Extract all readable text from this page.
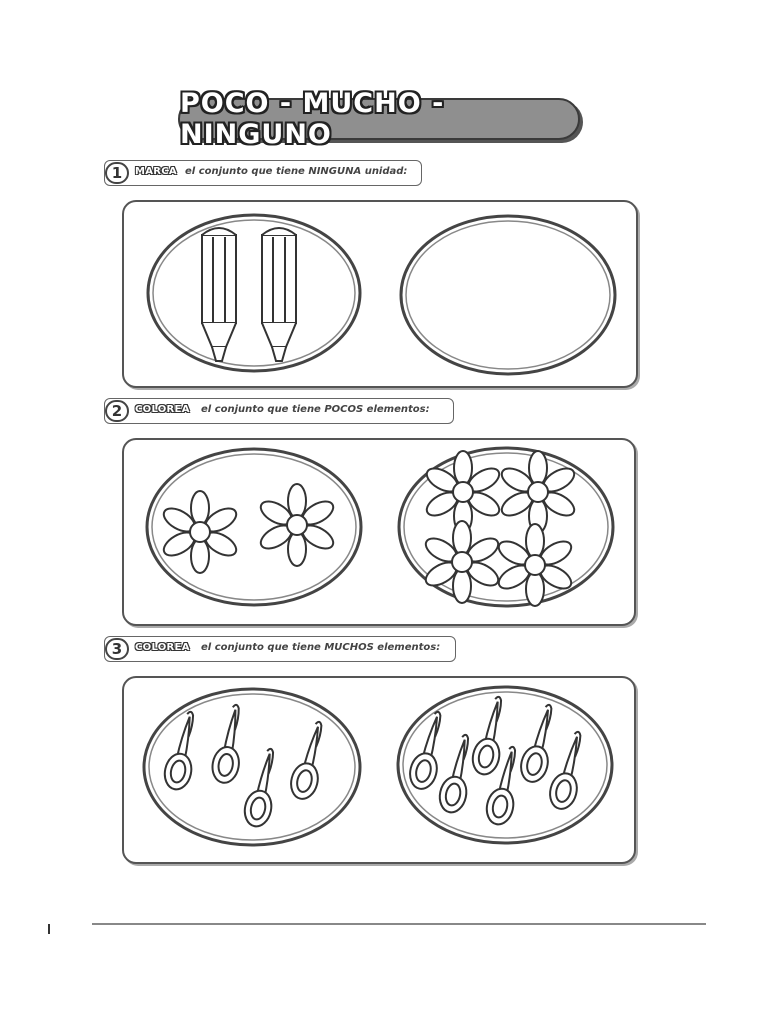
POCO - MUCHO - NINGUNO
1	MARCA el conjunto que tiene NINGUNA unidad:
2	COLOREA el conjunto que tiene POCOS elementos:
3	COLOREA el conjunto que tiene MUCHOS elementos:
